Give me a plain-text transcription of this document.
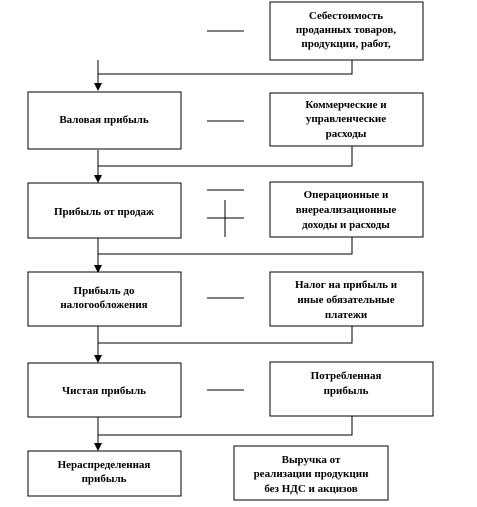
Валовая прибыль
Прибыль от продаж
Прибыль до
налогообложения
Чистая прибыль
Нераспределенная
прибыль
Себестоимость
проданных товаров,
продукции, работ,
Коммерческие и
управленческие
расходы
Операционные и
внереализационные
доходы и расходы
Налог на прибыль и
иные обязательные
платежи
Потребленная
прибыль
Выручка от
реализации продукции
без НДС и акцизов
